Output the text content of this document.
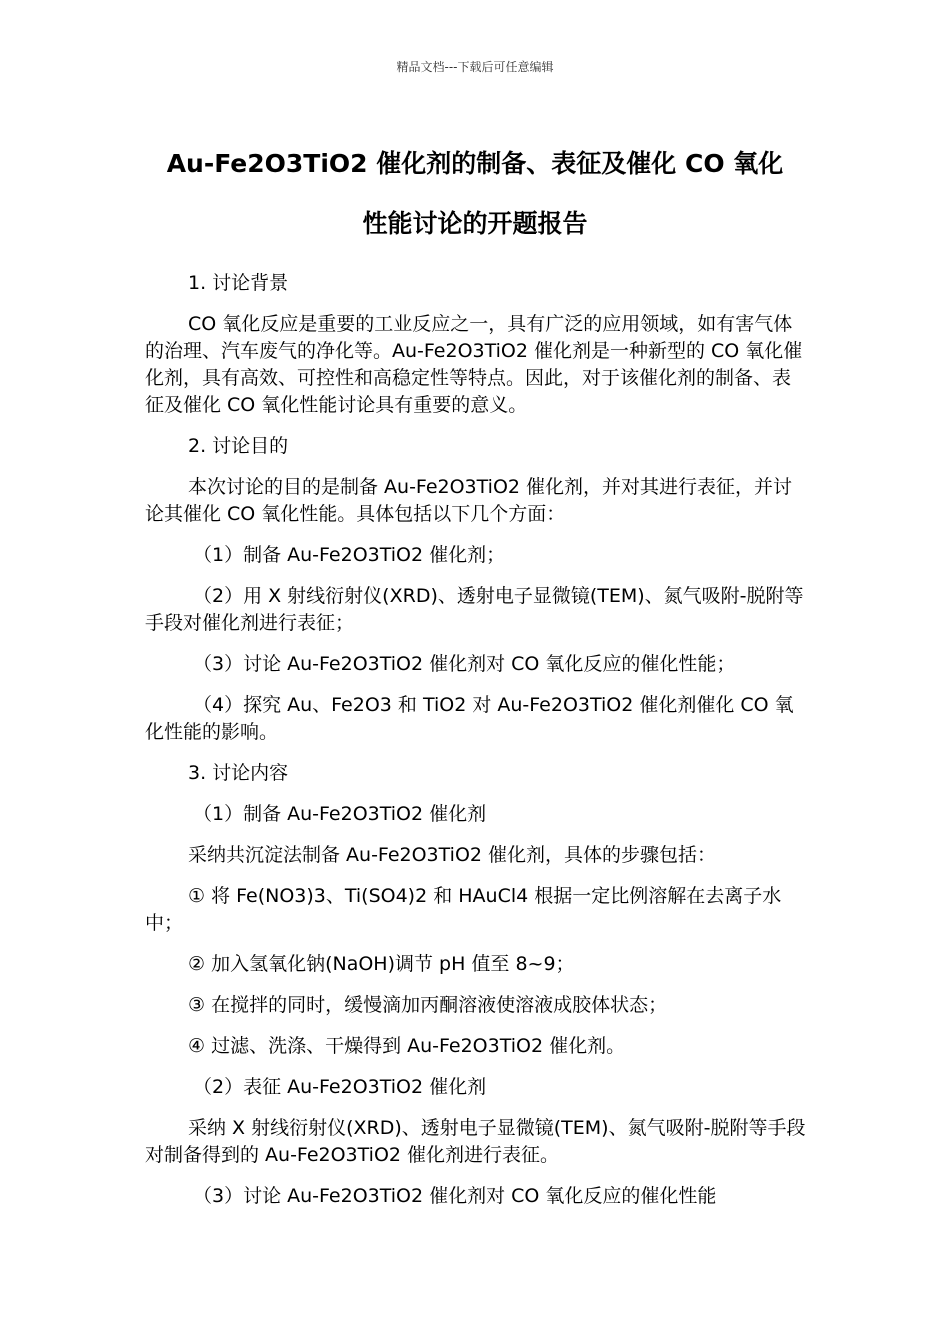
精品文档---下载后可任意编辑
Au-Fe2O3TiO2 催化剂的制备、表征及催化 CO 氧化
性能讨论的开题报告

1. 讨论背景

CO 氧化反应是重要的工业反应之一，具有广泛的应用领域，如有害气体的治理、汽车废气的净化等。Au-Fe2O3TiO2 催化剂是一种新型的 CO 氧化催化剂，具有高效、可控性和高稳定性等特点。因此，对于该催化剂的制备、表征及催化 CO 氧化性能讨论具有重要的意义。

2. 讨论目的

本次讨论的目的是制备 Au-Fe2O3TiO2 催化剂，并对其进行表征，并讨论其催化 CO 氧化性能。具体包括以下几个方面：

（1）制备 Au-Fe2O3TiO2 催化剂；

（2）用 X 射线衍射仪(XRD)、透射电子显微镜(TEM)、氮气吸附-脱附等手段对催化剂进行表征；

（3）讨论 Au-Fe2O3TiO2 催化剂对 CO 氧化反应的催化性能；

（4）探究 Au、Fe2O3 和 TiO2 对 Au-Fe2O3TiO2 催化剂催化 CO 氧化性能的影响。

3. 讨论内容

（1）制备 Au-Fe2O3TiO2 催化剂

采纳共沉淀法制备 Au-Fe2O3TiO2 催化剂，具体的步骤包括：

① 将 Fe(NO3)3、Ti(SO4)2 和 HAuCl4 根据一定比例溶解在去离子水中；

② 加入氢氧化钠(NaOH)调节 pH 值至 8~9；

③ 在搅拌的同时，缓慢滴加丙酮溶液使溶液成胶体状态；

④ 过滤、洗涤、干燥得到 Au-Fe2O3TiO2 催化剂。

（2）表征 Au-Fe2O3TiO2 催化剂

采纳 X 射线衍射仪(XRD)、透射电子显微镜(TEM)、氮气吸附-脱附等手段对制备得到的 Au-Fe2O3TiO2 催化剂进行表征。

（3）讨论 Au-Fe2O3TiO2 催化剂对 CO 氧化反应的催化性能
